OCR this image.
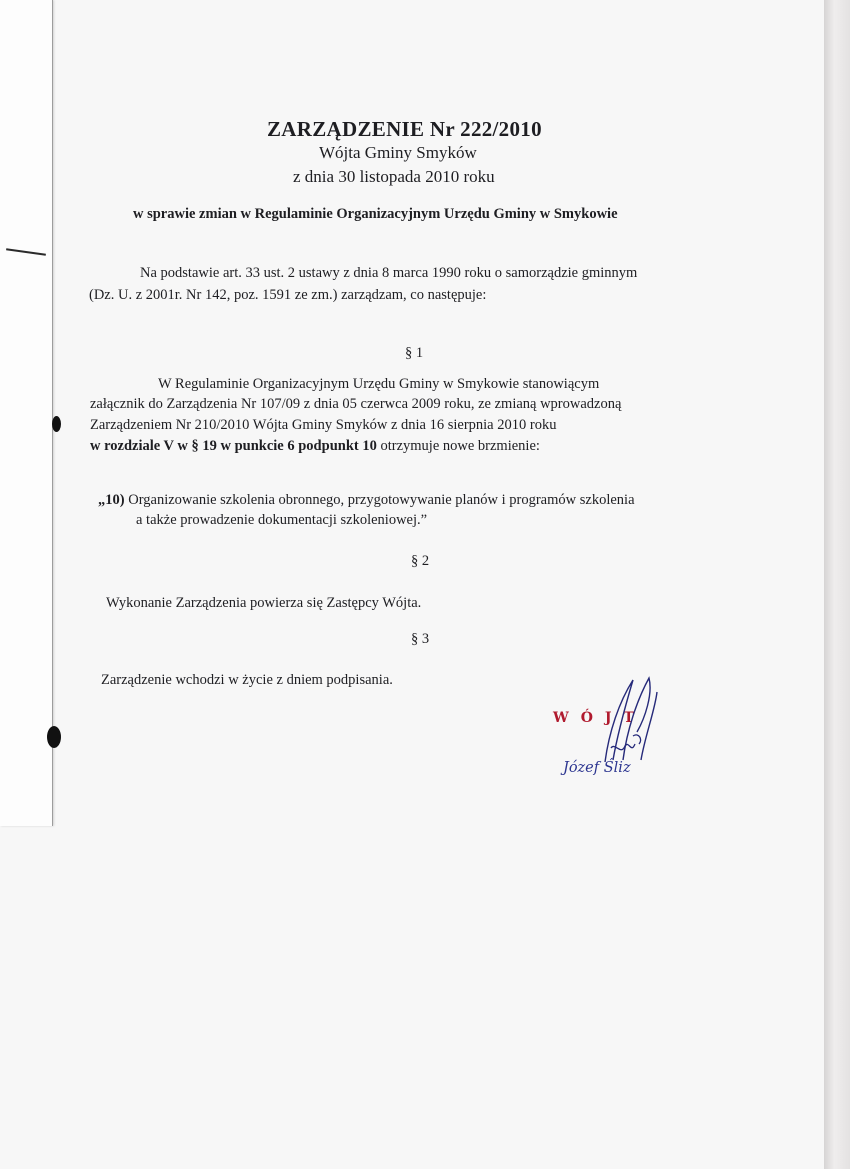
ZARZĄDZENIE Nr 222/2010
Wójta Gminy Smyków
z dnia 30 listopada 2010 roku
w sprawie zmian w Regulaminie Organizacyjnym Urzędu Gminy w Smykowie
Na podstawie art. 33 ust. 2 ustawy z dnia 8 marca 1990 roku o samorządzie gminnym
(Dz. U. z 2001r. Nr 142, poz. 1591 ze zm.) zarządzam, co następuje:
§ 1
W Regulaminie Organizacyjnym Urzędu Gminy w Smykowie stanowiącym
załącznik do Zarządzenia Nr 107/09 z dnia 05 czerwca 2009 roku, ze zmianą wprowadzoną
Zarządzeniem Nr 210/2010 Wójta Gminy Smyków z dnia 16 sierpnia 2010 roku
w rozdziale V w § 19 w punkcie 6 podpunkt 10 otrzymuje nowe brzmienie:
„10) Organizowanie szkolenia obronnego, przygotowywanie planów i programów szkolenia
a także prowadzenie dokumentacji szkoleniowej.”
§ 2
Wykonanie Zarządzenia powierza się Zastępcy Wójta.
§ 3
Zarządzenie wchodzi w życie z dniem podpisania.
WÓJT
Józef Śliz
